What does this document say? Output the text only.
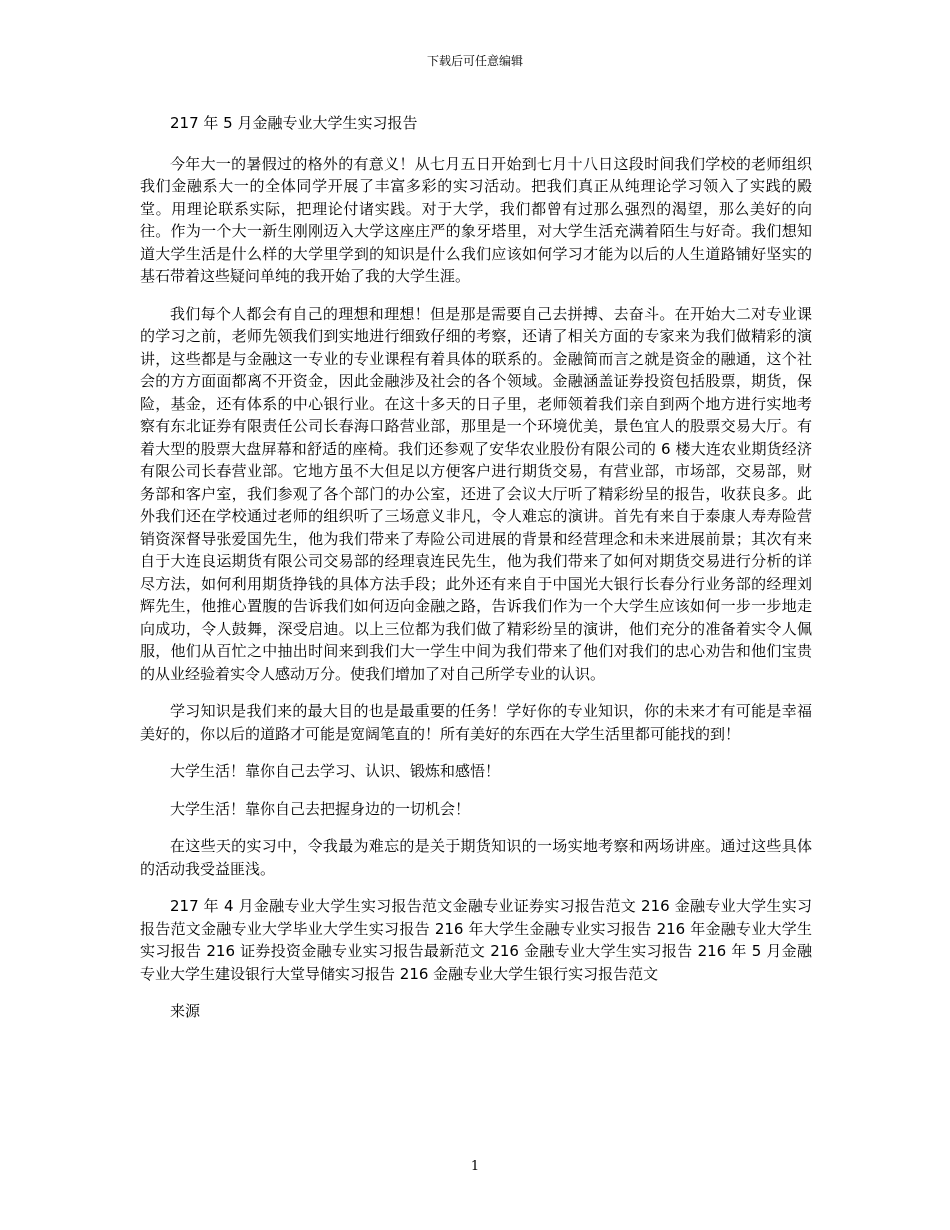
下载后可任意编辑

217 年 5 月金融专业大学生实习报告

今年大一的暑假过的格外的有意义！从七月五日开始到七月十八日这段时间我们学校的老师组织我们金融系大一的全体同学开展了丰富多彩的实习活动。把我们真正从纯理论学习领入了实践的殿堂。用理论联系实际，把理论付诸实践。对于大学，我们都曾有过那么强烈的渴望，那么美好的向往。作为一个大一新生刚刚迈入大学这座庄严的象牙塔里，对大学生活充满着陌生与好奇。我们想知道大学生活是什么样的大学里学到的知识是什么我们应该如何学习才能为以后的人生道路铺好坚实的基石带着这些疑问单纯的我开始了我的大学生涯。

我们每个人都会有自己的理想和理想！但是那是需要自己去拼搏、去奋斗。在开始大二对专业课的学习之前，老师先领我们到实地进行细致仔细的考察，还请了相关方面的专家来为我们做精彩的演讲，这些都是与金融这一专业的专业课程有着具体的联系的。金融简而言之就是资金的融通，这个社会的方方面面都离不开资金，因此金融涉及社会的各个领域。金融涵盖证券投资包括股票，期货，保险，基金，还有体系的中心银行业。在这十多天的日子里，老师领着我们亲自到两个地方进行实地考察有东北证券有限责任公司长春海口路营业部，那里是一个环境优美，景色宜人的股票交易大厅。有着大型的股票大盘屏幕和舒适的座椅。我们还参观了安华农业股份有限公司的 6 楼大连农业期货经济有限公司长春营业部。它地方虽不大但足以方便客户进行期货交易，有营业部，市场部，交易部，财务部和客户室，我们参观了各个部门的办公室，还进了会议大厅听了精彩纷呈的报告，收获良多。此外我们还在学校通过老师的组织听了三场意义非凡，令人难忘的演讲。首先有来自于泰康人寿寿险营销资深督导张爱国先生，他为我们带来了寿险公司进展的背景和经营理念和未来进展前景；其次有来自于大连良运期货有限公司交易部的经理袁连民先生，他为我们带来了如何对期货交易进行分析的详尽方法，如何利用期货挣钱的具体方法手段；此外还有来自于中国光大银行长春分行业务部的经理刘辉先生，他推心置腹的告诉我们如何迈向金融之路，告诉我们作为一个大学生应该如何一步一步地走向成功，令人鼓舞，深受启迪。以上三位都为我们做了精彩纷呈的演讲，他们充分的准备着实令人佩服，他们从百忙之中抽出时间来到我们大一学生中间为我们带来了他们对我们的忠心劝告和他们宝贵的从业经验着实令人感动万分。使我们增加了对自己所学专业的认识。

学习知识是我们来的最大目的也是最重要的任务！学好你的专业知识，你的未来才有可能是幸福美好的，你以后的道路才可能是宽阔笔直的！所有美好的东西在大学生活里都可能找的到！

大学生活！靠你自己去学习、认识、锻炼和感悟！

大学生活！靠你自己去把握身边的一切机会！

在这些天的实习中，令我最为难忘的是关于期货知识的一场实地考察和两场讲座。通过这些具体的活动我受益匪浅。

217 年 4 月金融专业大学生实习报告范文金融专业证券实习报告范文 216 金融专业大学生实习报告范文金融专业大学毕业大学生实习报告 216 年大学生金融专业实习报告 216 年金融专业大学生实习报告 216 证券投资金融专业实习报告最新范文 216 金融专业大学生实习报告 216 年 5 月金融专业大学生建设银行大堂导储实习报告 216 金融专业大学生银行实习报告范文

来源

1
